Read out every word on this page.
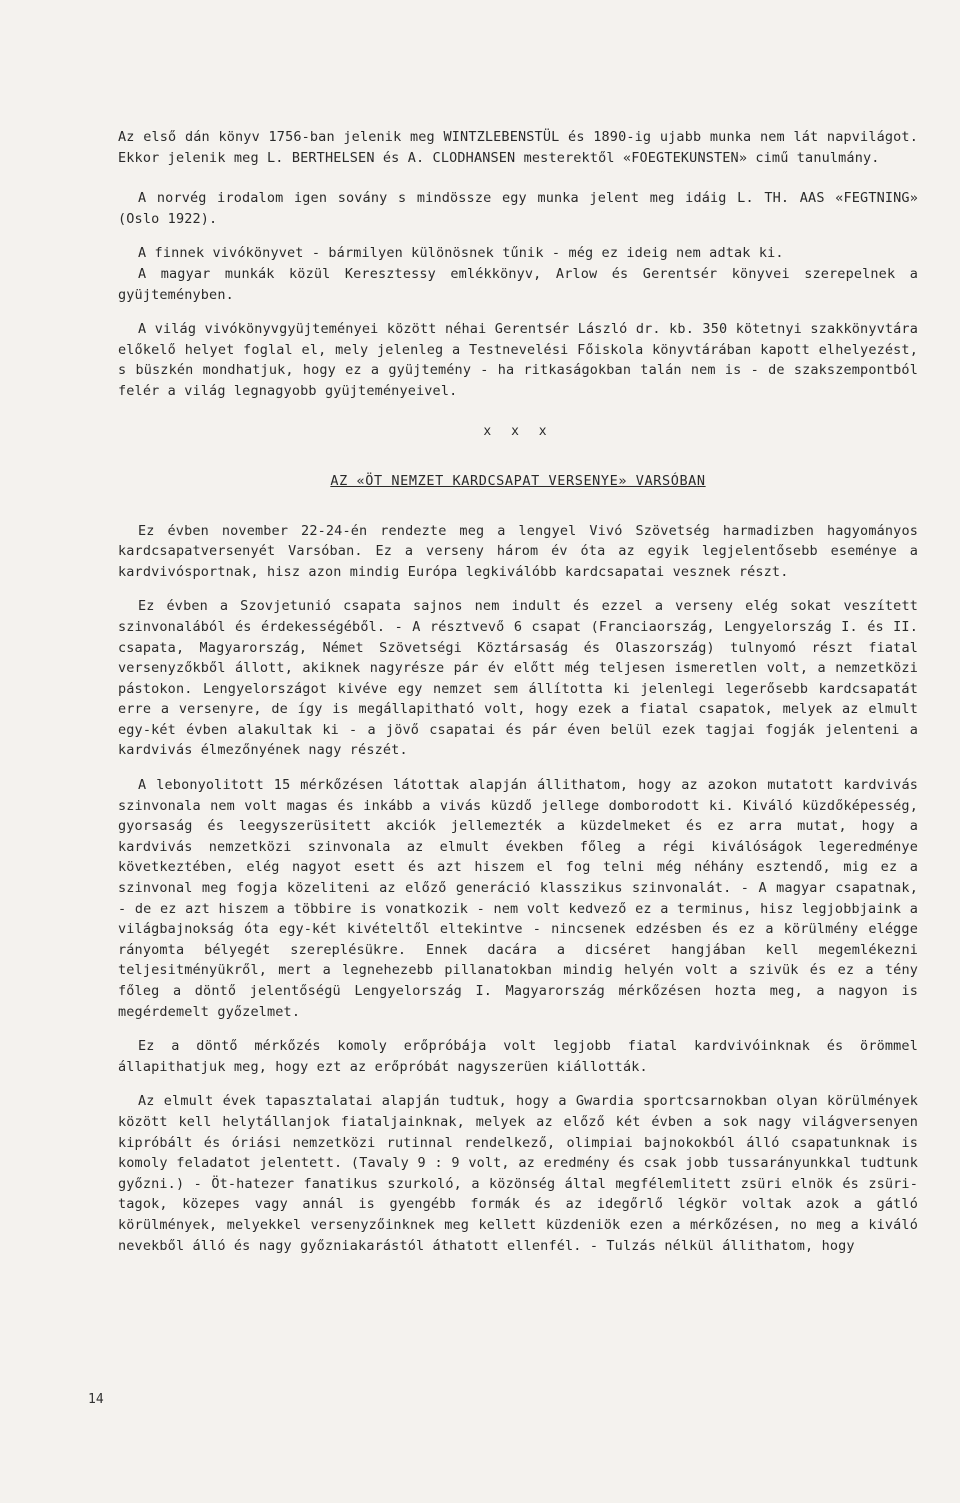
Az első dán könyv 1756-ban jelenik meg WINTZLEBENSTÜL és 1890-ig ujabb munka nem lát napvilágot. Ekkor jelenik meg L. BERTHELSEN és A. CLODHANSEN mesterektől «FOEGTEKUNSTEN» cimű tanulmány.

A norvég irodalom igen sovány s mindössze egy munka jelent meg idáig L. TH. AAS «FEGTNING» (Oslo 1922).

A finnek vivókönyvet - bármilyen különösnek tűnik - még ez ideig nem adtak ki.

A magyar munkák közül Keresztessy emlékkönyv, Arlow és Gerentsér könyvei szerepelnek a gyüjteményben.

A világ vivókönyvgyüjteményei között néhai Gerentsér László dr. kb. 350 kötetnyi szakkönyvtára előkelő helyet foglal el, mely jelenleg a Testnevelési Főiskola könyvtárában kapott elhelyezést, s büszkén mondhatjuk, hogy ez a gyüjtemény - ha ritkaságokban talán nem is - de szakszempontból felér a világ legnagyobb gyüjteményeivel.

x x x
AZ «ÖT NEMZET KARDCSAPAT VERSENYE» VARSÓBAN

Ez évben november 22-24-én rendezte meg a lengyel Vivó Szövetség harmadizben hagyományos kardcsapatversenyét Varsóban. Ez a verseny három év óta az egyik legjelentősebb eseménye a kardvivósportnak, hisz azon mindig Európa legkiválóbb kardcsapatai vesznek részt.

Ez évben a Szovjetunió csapata sajnos nem indult és ezzel a verseny elég sokat veszített szinvonalából és érdekességéből. - A résztvevő 6 csapat (Franciaország, Lengyelország I. és II. csapata, Magyarország, Német Szövetségi Köztársaság és Olaszország) tulnyomó részt fiatal versenyzőkből állott, akiknek nagyrésze pár év előtt még teljesen ismeretlen volt, a nemzetközi pástokon. Lengyelországot kivéve egy nemzet sem állította ki jelenlegi legerősebb kardcsapatát erre a versenyre, de így is megállapitható volt, hogy ezek a fiatal csapatok, melyek az elmult egy-két évben alakultak ki - a jövő csapatai és pár éven belül ezek tagjai fogják jelenteni a kardvivás élmezőnyének nagy részét.

A lebonyolitott 15 mérkőzésen látottak alapján állithatom, hogy az azokon mutatott kardvivás szinvonala nem volt magas és inkább a vivás küzdő jellege domborodott ki. Kiváló küzdőképesség, gyorsaság és leegyszerüsitett akciók jellemezték a küzdelmeket és ez arra mutat, hogy a kardvivás nemzetközi szinvonala az elmult években főleg a régi kiválóságok legeredménye következtében, elég nagyot esett és azt hiszem el fog telni még néhány esztendő, mig ez a szinvonal meg fogja közeliteni az előző generáció klasszikus szinvonalát. - A magyar csapatnak, - de ez azt hiszem a többire is vonatkozik - nem volt kedvező ez a terminus, hisz legjobbjaink a világbajnokság óta egy-két kivételtől eltekintve - nincsenek edzésben és ez a körülmény elégge rányomta bélyegét szereplésükre. Ennek dacára a dicséret hangjában kell megemlékezni teljesitményükről, mert a legnehezebb pillanatokban mindig helyén volt a szivük és ez a tény főleg a döntő jelentőségü Lengyelország I. Magyarország mérkőzésen hozta meg, a nagyon is megérdemelt győzelmet.

Ez a döntő mérkőzés komoly erőpróbája volt legjobb fiatal kardvivóinknak és örömmel állapithatjuk meg, hogy ezt az erőpróbát nagyszerüen kiállották.

Az elmult évek tapasztalatai alapján tudtuk, hogy a Gwardia sportcsarnokban olyan körülmények között kell helytállanjok fiataljainknak, melyek az előző két évben a sok nagy világversenyen kipróbált és óriási nemzetközi rutinnal rendelkező, olimpiai bajnokokból álló csapatunknak is komoly feladatot jelentett. (Tavaly 9 : 9 volt, az eredmény és csak jobb tussarányunkkal tudtunk győzni.) - Öt-hatezer fanatikus szurkoló, a közönség által megfélemlitett zsüri elnök és zsüri-tagok, közepes vagy annál is gyengébb formák és az idegőrlő légkör voltak azok a gátló körülmények, melyekkel versenyzőinknek meg kellett küzdeniök ezen a mérkőzésen, no meg a kiváló nevekből álló és nagy győzniakarástól áthatott ellenfél. - Tulzás nélkül állithatom, hogy

14
